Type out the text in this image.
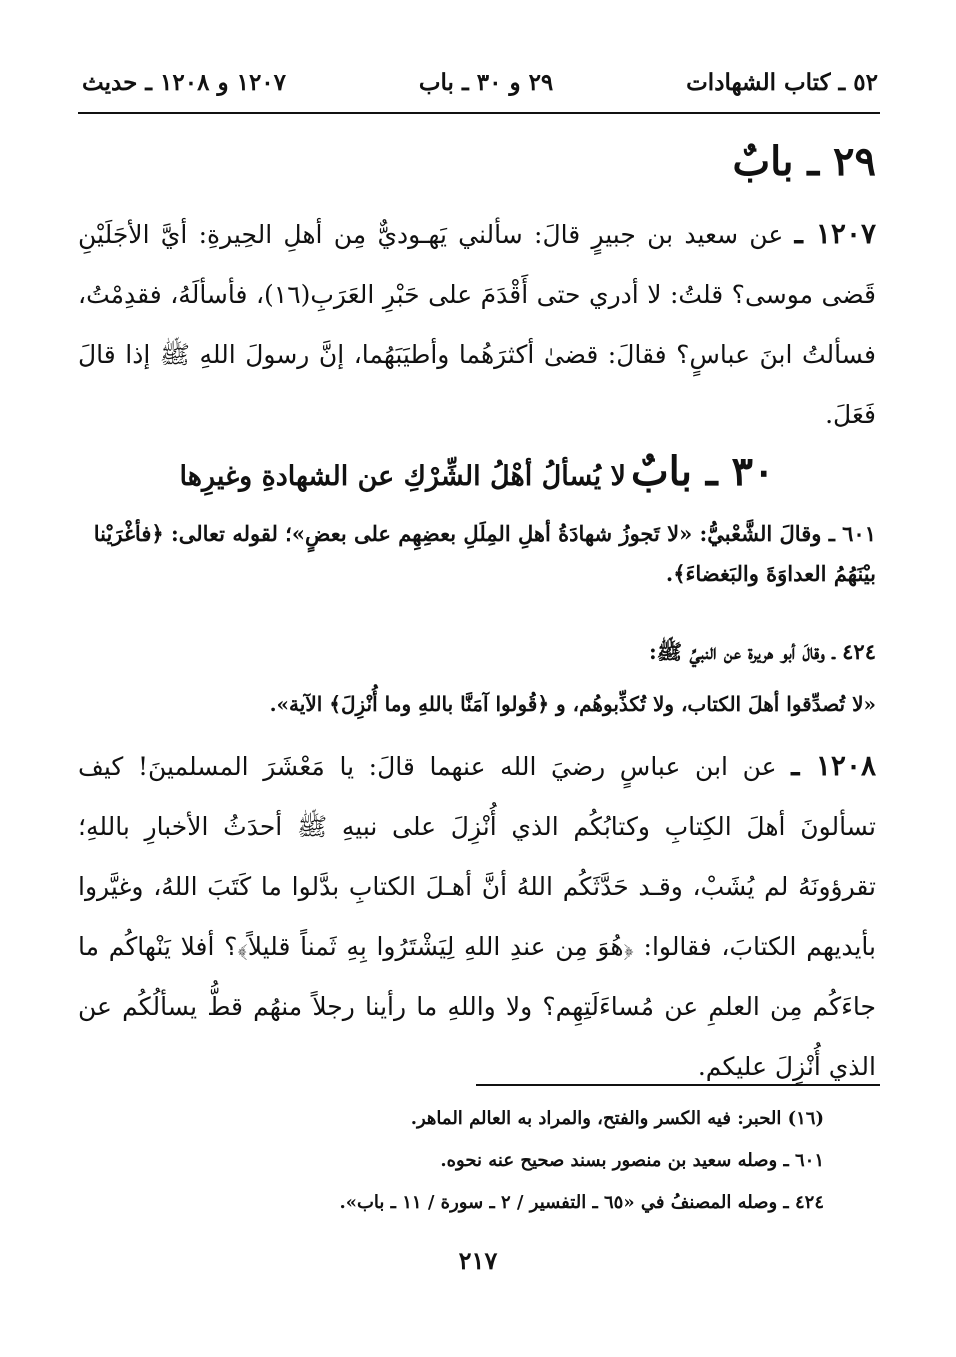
٥٢ ـ كتاب الشهادات
٢٩ و ٣٠ ـ باب
١٢٠٧ و ١٢٠٨ ـ حديث
٢٩ ـ بابٌ
١٢٠٧ ـ عن سعيد بن جبيرٍ قالَ: سألني يَهـوديٌّ مِن أهلِ الحِيرةِ: أيَّ الأجَلَيْنِ قَضى موسى؟ قلتُ: لا أدري حتى أَقْدَمَ على حَبْرِ العَرَبِ(١٦)، فأسألَهُ، فقدِمْتُ، فسألتُ ابنَ عباسٍ؟ فقالَ: قضىٰ أكثرَهُما وأطيَبَهُما، إنَّ رسولَ اللهِ ﷺ إذا قالَ فَعَلَ.
٣٠ ـ بابٌ لا يُسألُ أهْلُ الشِّرْكِ عن الشهادةِ وغيرِها
٦٠١ ـ وقالَ الشَّعْبيُّ: «لا تَجوزُ شهادَةُ أهلِ المِلَلِ بعضِهِم على بعضٍ»؛ لقوله تعالى: ﴿فأغْرَيْنا بيْنَهُمُ العداوَةَ والبَغضاءَ﴾.
٤٢٤ ـ وقالَ أبو هريرة عن النبيِّ ﷺ:
«لا تُصدِّقوا أهلَ الكتاب، ولا تُكذِّبوهُم، و ﴿قُولوا آمَنَّا باللهِ وما أُنْزِلَ﴾ الآية».
١٢٠٨ ـ عن ابن عباسٍ رضيَ الله عنهما قالَ: يا مَعْشَرَ المسلمينَ! كيف تسألونَ أهلَ الكِتابِ وكتابُكُم الذي أُنْزِلَ على نبيهِ ﷺ أحدَثُ الأخبارِ باللهِ؛ تقرؤونَهُ لم يُشَبْ، وقـد حَدَّثَكُم اللهُ أنَّ أهـلَ الكتابِ بدَّلوا ما كَتَبَ اللهُ، وغيَّروا بأيديهم الكتابَ، فقالوا: ﴿هُوَ مِن عندِ اللهِ لِيَشْتَرُوا بِهِ ثَمناً قليلاً﴾؟ أفلا يَنْهاكُم ما جاءَكُم مِن العلمِ عن مُساءَلَتِهِم؟ ولا واللهِ ما رأينا رجلاً منهُم قطُّ يسألُكُم عن الذي أُنْزِلَ عليكم.
(١٦) الحبر: فيه الكسر والفتح، والمراد به العالم الماهر.
٦٠١ ـ وصله سعيد بن منصور بسند صحيح عنه نحوه.
٤٢٤ ـ وصله المصنفُ في «٦٥ ـ التفسير / ٢ ـ سورة / ١١ ـ باب».
٢١٧
